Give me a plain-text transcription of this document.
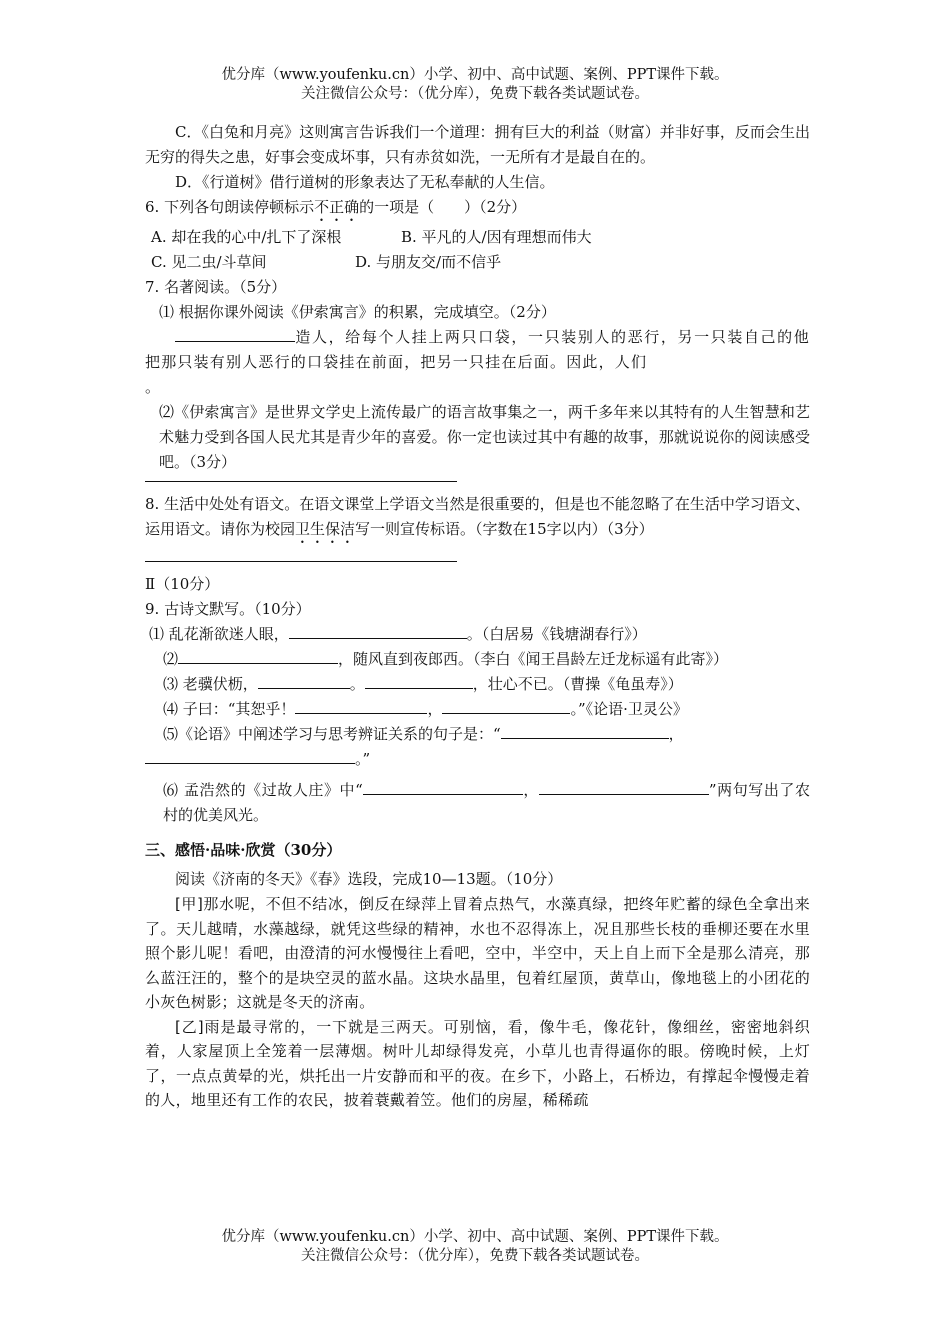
优分库（www.youfenku.cn）小学、初中、高中试题、案例、PPT课件下载。
关注微信公众号：（优分库），免费下载各类试题试卷。

C．《白兔和月亮》这则寓言告诉我们一个道理：拥有巨大的利益（财富）并非好事，反而会生出无穷的得失之患，好事会变成坏事，只有赤贫如洗，一无所有才是最自在的。

D．《行道树》借行道树的形象表达了无私奉献的人生信。

6. 下列各句朗读停顿标示不正确的一项是（　　）（2分）

A. 却在我的心中/扎下了深根	B. 平凡的人/因有理想而伟大
C. 见二虫/斗草间	D. 与朋友交/而不信乎

7. 名著阅读。（5分）

⑴ 根据你课外阅读《伊索寓言》的积累，完成填空。（2分）

造人，给每个人挂上两只口袋，一只装别人的恶行，另一只装自己的他把那只装有别人恶行的口袋挂在前面，把另一只挂在后面。因此，人们

。

⑵《伊索寓言》是世界文学史上流传最广的语言故事集之一，两千多年来以其特有的人生智慧和艺术魅力受到各国人民尤其是青少年的喜爱。你一定也读过其中有趣的故事，那就说说你的阅读感受吧。（3分）

8. 生活中处处有语文。在语文课堂上学语文当然是很重要的，但是也不能忽略了在生活中学习语文、运用语文。请你为校园卫生保洁写一则宣传标语。（字数在15字以内）（3分）

Ⅱ（10分）

9. 古诗文默写。（10分）

⑴ 乱花渐欲迷人眼，	。（白居易《钱塘湖春行》）

⑵	，随风直到夜郎西。（李白《闻王昌龄左迁龙标遥有此寄》）

⑶ 老骥伏枥，	。	，壮心不已。（曹操《龟虽寿》）

⑷ 子曰：“其恕乎！	，	。”《论语·卫灵公》

⑸《论语》中阐述学习与思考辨证关系的句子是：“	，

。”

⑹ 孟浩然的《过故人庄》中“	，	”两句写出了农村的优美风光。

三、感悟·品味·欣赏（30分）

阅读《济南的冬天》《春》选段，完成10—13题。（10分）

[甲]那水呢，不但不结冰，倒反在绿萍上冒着点热气，水藻真绿，把终年贮蓄的绿色全拿出来了。天儿越晴，水藻越绿，就凭这些绿的精神，水也不忍得冻上，况且那些长枝的垂柳还要在水里照个影儿呢！看吧，由澄清的河水慢慢往上看吧，空中，半空中，天上自上而下全是那么清亮，那么蓝汪汪的，整个的是块空灵的蓝水晶。这块水晶里，包着红屋顶，黄草山，像地毯上的小团花的小灰色树影；这就是冬天的济南。

[乙]雨是最寻常的，一下就是三两天。可别恼，看，像牛毛，像花针，像细丝，密密地斜织着，人家屋顶上全笼着一层薄烟。树叶儿却绿得发亮，小草儿也青得逼你的眼。傍晚时候，上灯了，一点点黄晕的光，烘托出一片安静而和平的夜。在乡下，小路上，石桥边，有撑起伞慢慢走着的人，地里还有工作的农民，披着蓑戴着笠。他们的房屋，稀稀疏

优分库（www.youfenku.cn）小学、初中、高中试题、案例、PPT课件下载。
关注微信公众号：（优分库），免费下载各类试题试卷。
